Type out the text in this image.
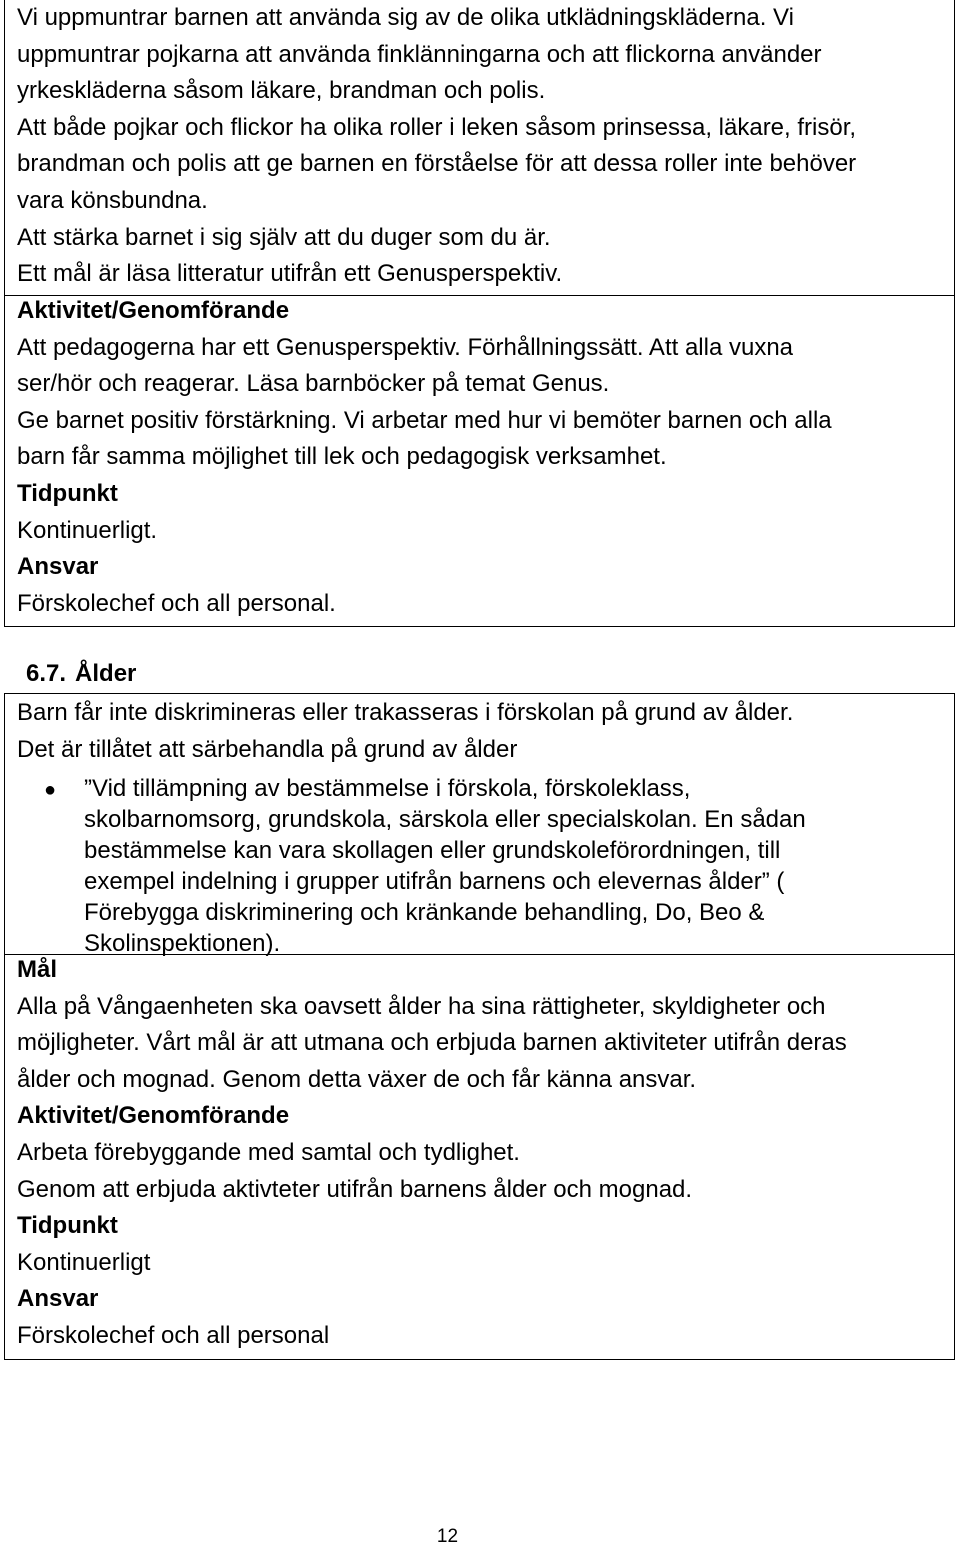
Vi uppmuntrar barnen att använda sig av de olika utklädningskläderna. Vi
uppmuntrar pojkarna att använda finklänningarna och att flickorna använder
yrkeskläderna såsom läkare, brandman och polis.
Att både pojkar och flickor ha olika roller i leken såsom prinsessa, läkare, frisör,
brandman och polis att ge barnen en förståelse för att dessa roller inte behöver
vara könsbundna.
Att stärka barnet i sig själv att du duger som du är.
Ett mål är läsa litteratur utifrån ett Genusperspektiv.
Aktivitet/Genomförande
Att pedagogerna har ett Genusperspektiv. Förhållningssätt. Att alla vuxna
ser/hör och reagerar. Läsa barnböcker på temat Genus.
Ge barnet positiv förstärkning. Vi arbetar med hur vi bemöter barnen och alla
barn får samma möjlighet till lek och pedagogisk verksamhet.
Tidpunkt
Kontinuerligt.
Ansvar
Förskolechef och all personal.
6.7. Ålder
Barn får inte diskrimineras eller trakasseras i förskolan på grund av ålder.
Det är tillåtet att särbehandla på grund av ålder
● ”Vid tillämpning av bestämmelse i förskola, förskoleklass,
skolbarnomsorg, grundskola, särskola eller specialskolan. En sådan
bestämmelse kan vara skollagen eller grundskoleförordningen, till
exempel indelning i grupper utifrån barnens och elevernas ålder” (
Förebygga diskriminering och kränkande behandling, Do, Beo &
Skolinspektionen).
Mål
Alla på Vångaenheten ska oavsett ålder ha sina rättigheter, skyldigheter och
möjligheter. Vårt mål är att utmana och erbjuda barnen aktiviteter utifrån deras
ålder och mognad. Genom detta växer de och får känna ansvar.
Aktivitet/Genomförande
Arbeta förebyggande med samtal och tydlighet.
Genom att erbjuda aktivteter utifrån barnens ålder och mognad.
Tidpunkt
Kontinuerligt
Ansvar
Förskolechef och all personal
12
